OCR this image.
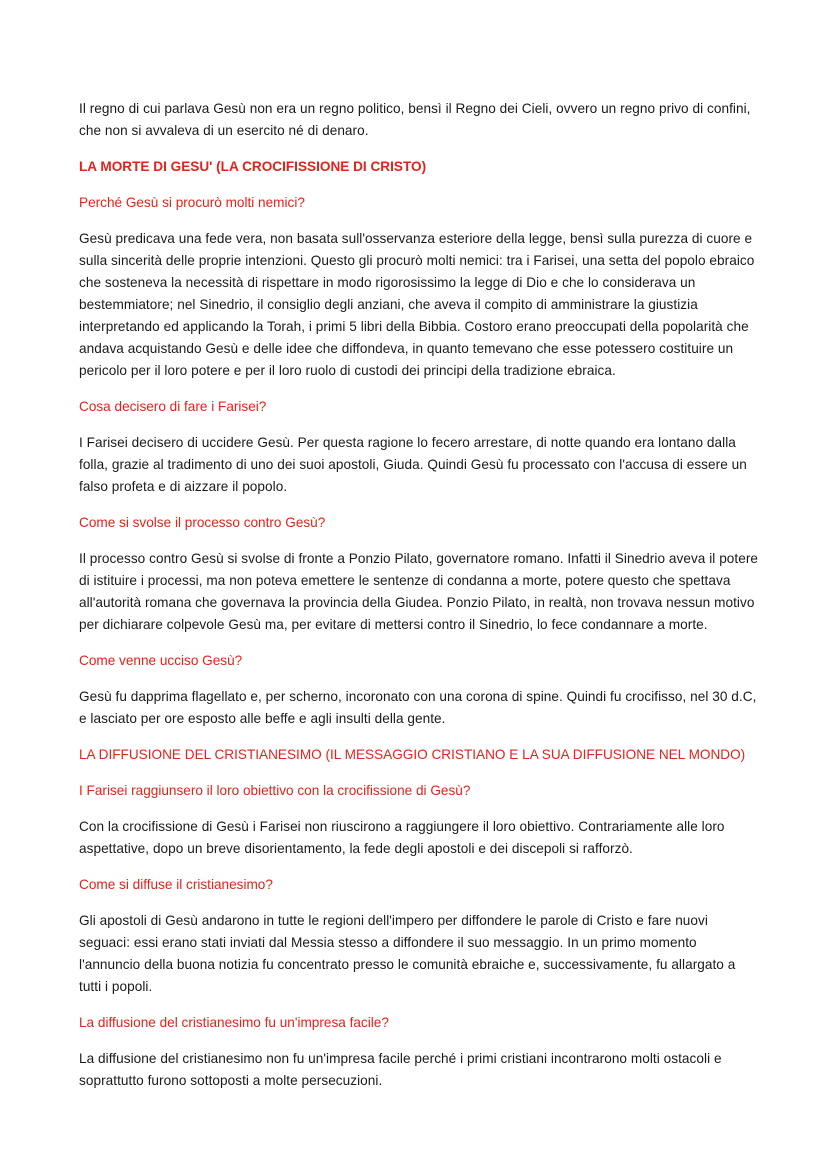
Il regno di cui parlava Gesù non era un regno politico, bensì il Regno dei Cieli, ovvero un regno privo di confini, che non si avvaleva di un esercito né di denaro.

LA MORTE DI GESU' (LA CROCIFISSIONE DI CRISTO)
Perché Gesù si procurò molti nemici?

Gesù predicava una fede vera, non basata sull'osservanza esteriore della legge, bensì sulla purezza di cuore e sulla sincerità delle proprie intenzioni. Questo gli procurò molti nemici: tra i Farisei, una setta del popolo ebraico che sosteneva la necessità di rispettare in modo rigorosissimo la legge di Dio e che lo considerava un bestemmiatore; nel Sinedrio, il consiglio degli anziani, che aveva il compito di amministrare la giustizia interpretando ed applicando la Torah, i primi 5 libri della Bibbia. Costoro erano preoccupati della popolarità che andava acquistando Gesù e delle idee che diffondeva, in quanto temevano che esse potessero costituire un pericolo per il loro potere e per il loro ruolo di custodi dei principi della tradizione ebraica.

Cosa decisero di fare i Farisei?

I Farisei decisero di uccidere Gesù. Per questa ragione lo fecero arrestare, di notte quando era lontano dalla folla, grazie al tradimento di uno dei suoi apostoli, Giuda. Quindi Gesù fu processato con l'accusa di essere un falso profeta e di aizzare il popolo.

Come si svolse il processo contro Gesù?

Il processo contro Gesù si svolse di fronte a Ponzio Pilato, governatore romano. Infatti il Sinedrio aveva il potere di istituire i processi, ma non poteva emettere le sentenze di condanna a morte, potere questo che spettava all'autorità romana che governava la provincia della Giudea. Ponzio Pilato, in realtà, non trovava nessun motivo per dichiarare colpevole Gesù ma, per evitare di mettersi contro il Sinedrio, lo fece condannare a morte.

Come venne ucciso Gesù?

Gesù fu dapprima flagellato e, per scherno, incoronato con una corona di spine. Quindi fu crocifisso, nel 30 d.C, e lasciato per ore esposto alle beffe e agli insulti della gente.

LA DIFFUSIONE DEL CRISTIANESIMO (IL MESSAGGIO CRISTIANO E LA SUA DIFFUSIONE NEL MONDO)
I Farisei raggiunsero il loro obiettivo con la crocifissione di Gesù?

Con la crocifissione di Gesù i Farisei non riuscirono a raggiungere il loro obiettivo. Contrariamente alle loro aspettative, dopo un breve disorientamento, la fede degli apostoli e dei discepoli si rafforzò.

Come si diffuse il cristianesimo?

Gli apostoli di Gesù andarono in tutte le regioni dell'impero per diffondere le parole di Cristo e fare nuovi seguaci: essi erano stati inviati dal Messia stesso a diffondere il suo messaggio. In un primo momento l'annuncio della buona notizia fu concentrato presso le comunità ebraiche e, successivamente, fu allargato a tutti i popoli.

La diffusione del cristianesimo fu un'impresa facile?

La diffusione del cristianesimo non fu un'impresa facile perché i primi cristiani incontrarono molti ostacoli e soprattutto furono sottoposti a molte persecuzioni.
